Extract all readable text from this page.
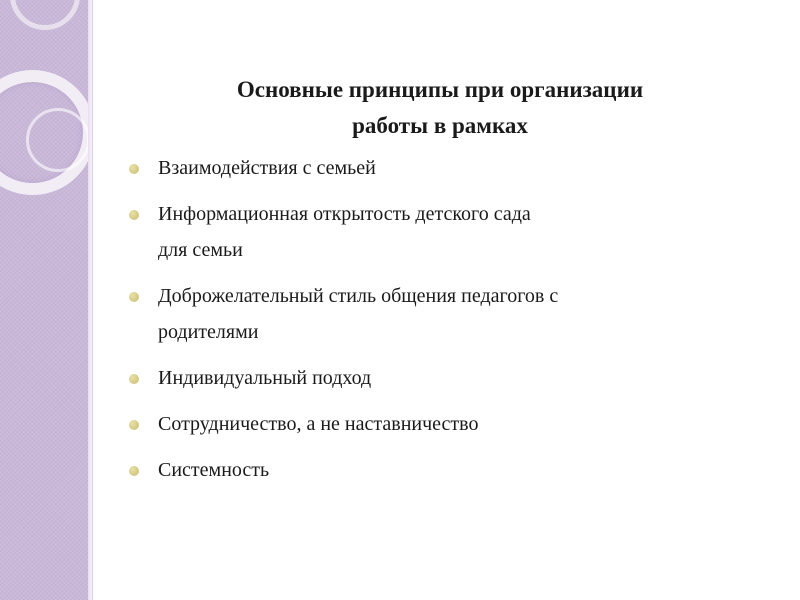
Основные принципы при организации
работы в рамках
Взаимодействия с семьей
Информационная открытость детского сада
для семьи
Доброжелательный стиль общения педагогов с
родителями
Индивидуальный подход
Сотрудничество, а не наставничество
Системность
